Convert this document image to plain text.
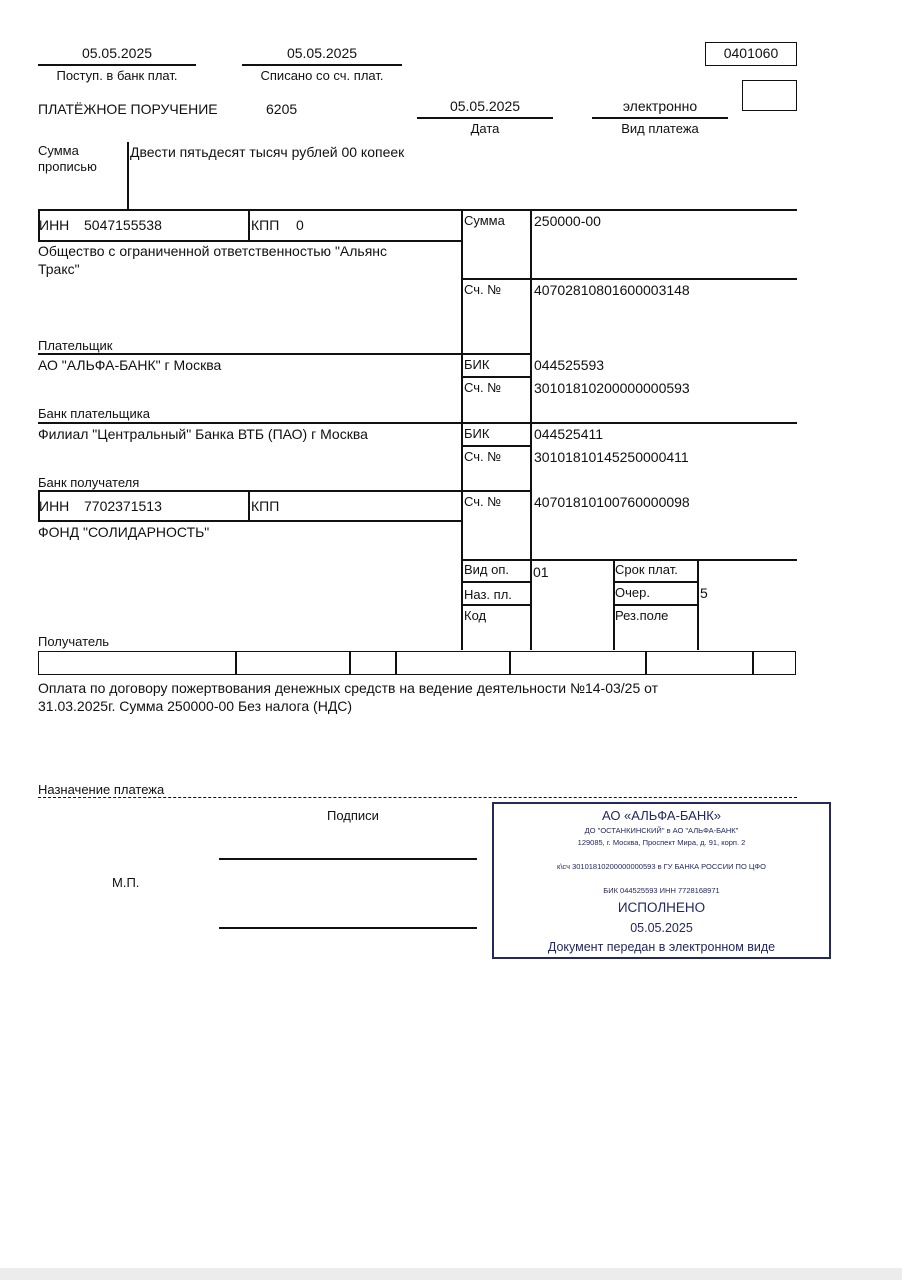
05.05.2025
Поступ. в банк плат.
05.05.2025
Списано со сч. плат.
0401060
ПЛАТЁЖНОЕ ПОРУЧЕНИЕ	6205	05.05.2025
Дата
электронно
Вид платежа
Сумма
прописью
Двести пятьдесят тысяч рублей 00 копеек
ИНН 5047155538	КПП 0	Сумма 250000-00
Общество с ограниченной ответственностью "Альянс
Тракс"
Сч. № 40702810801600003148
Плательщик
АО "АЛЬФА-БАНК" г Москва	БИК	044525593
Сч. № 30101810200000000593
Банк плательщика
Филиал "Центральный" Банка ВТБ (ПАО) г Москва	БИК	044525411
Сч. № 30101810145250000411
Банк получателя
ИНН 7702371513	КПП	Сч. № 40701810100760000098
ФОНД "СОЛИДАРНОСТЬ"
Вид оп. 01	Срок плат.
Наз. пл.	Очер.	5
Код	Рез.поле
Получатель
Оплата по договору пожертвования денежных средств на ведение деятельности №14-03/25 от
31.03.2025г. Сумма 250000-00 Без налога (НДС)
Назначение платежа
Подписи
М.П.
АО «АЛЬФА-БАНК»
ДО "ОСТАНКИНСКИЙ" в АО "АЛЬФА-БАНК"
129085, г. Москва, Проспект Мира, д. 91, корп. 2
к\сч 30101810200000000593 в ГУ БАНКА РОССИИ ПО ЦФО
БИК 044525593 ИНН 7728168971
ИСПОЛНЕНО
05.05.2025
Документ передан в электронном виде
